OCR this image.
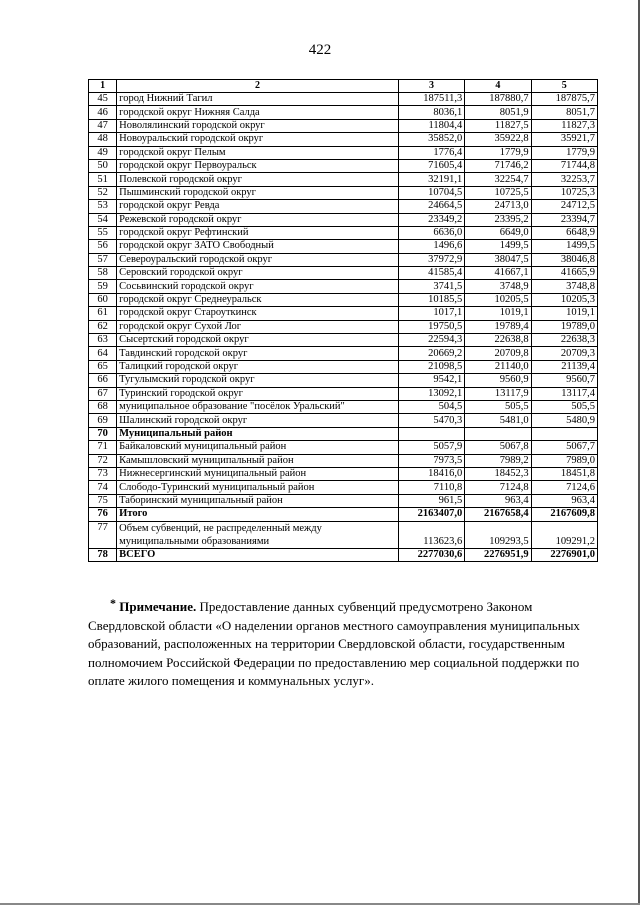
422
1	2	3	4	5
45	город Нижний Тагил	187511,3	187880,7	187875,7
46	городской округ Нижняя Салда	8036,1	8051,9	8051,7
47	Новолялинский городской округ	11804,4	11827,5	11827,3
48	Новоуральский городской округ	35852,0	35922,8	35921,7
49	городской округ Пелым	1776,4	1779,9	1779,9
50	городской округ Первоуральск	71605,4	71746,2	71744,8
51	Полевской городской округ	32191,1	32254,7	32253,7
52	Пышминский городской округ	10704,5	10725,5	10725,3
53	городской округ Ревда	24664,5	24713,0	24712,5
54	Режевской городской округ	23349,2	23395,2	23394,7
55	городской округ Рефтинский	6636,0	6649,0	6648,9
56	городской округ ЗАТО Свободный	1496,6	1499,5	1499,5
57	Североуральский городской округ	37972,9	38047,5	38046,8
58	Серовский городской округ	41585,4	41667,1	41665,9
59	Сосьвинский городской округ	3741,5	3748,9	3748,8
60	городской округ Среднеуральск	10185,5	10205,5	10205,3
61	городской округ Староуткинск	1017,1	1019,1	1019,1
62	городской округ Сухой Лог	19750,5	19789,4	19789,0
63	Сысертский городской округ	22594,3	22638,8	22638,3
64	Тавдинский городской округ	20669,2	20709,8	20709,3
65	Талицкий городской округ	21098,5	21140,0	21139,4
66	Тугулымский городской округ	9542,1	9560,9	9560,7
67	Туринский городской округ	13092,1	13117,9	13117,4
68	муниципальное образование "посёлок Уральский"	504,5	505,5	505,5
69	Шалинский городской округ	5470,3	5481,0	5480,9
70	Муниципальный район			
71	Байкаловский муниципальный район	5057,9	5067,8	5067,7
72	Камышловский муниципальный район	7973,5	7989,2	7989,0
73	Нижнесергинский муниципальный район	18416,0	18452,3	18451,8
74	Слободо-Туринский муниципальный район	7110,8	7124,8	7124,6
75	Таборинский муниципальный район	961,5	963,4	963,4
76	Итого	2163407,0	2167658,4	2167609,8
77	Объем субвенций, не распределенный между муниципальными образованиями	113623,6	109293,5	109291,2
78	ВСЕГО	2277030,6	2276951,9	2276901,0
* Примечание. Предоставление данных субвенций предусмотрено Законом Свердловской области «О наделении органов местного самоуправления муниципальных образований, расположенных на территории Свердловской области, государственным полномочием Российской Федерации по предоставлению мер социальной поддержки по оплате жилого помещения и коммунальных услуг».
